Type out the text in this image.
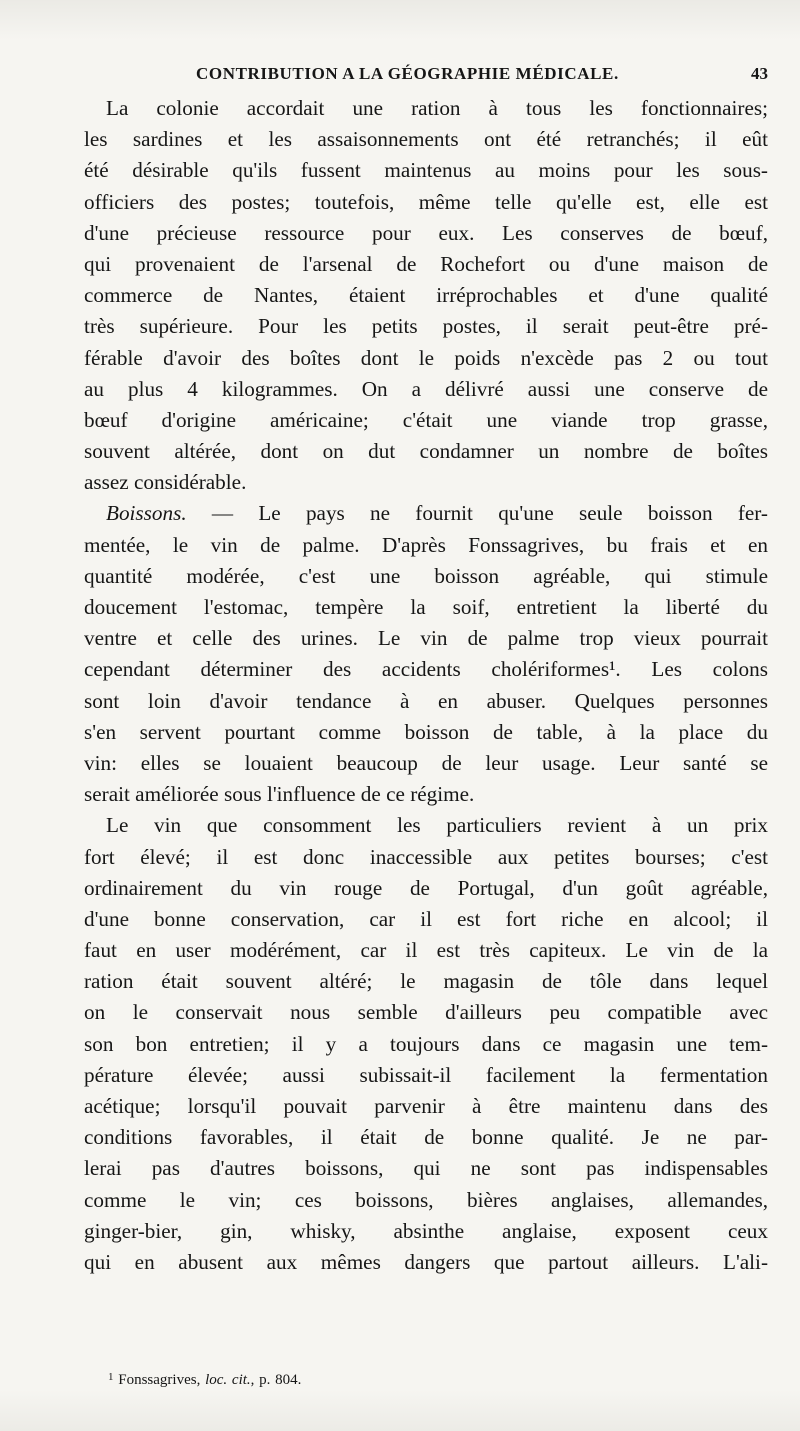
CONTRIBUTION A LA GÉOGRAPHIE MÉDICALE.	43
La colonie accordait une ration à tous les fonctionnaires;
les sardines et les assaisonnements ont été retranchés; il eût
été désirable qu'ils fussent maintenus au moins pour les sous-
officiers des postes; toutefois, même telle qu'elle est, elle est
d'une précieuse ressource pour eux. Les conserves de bœuf,
qui provenaient de l'arsenal de Rochefort ou d'une maison de
commerce de Nantes, étaient irréprochables et d'une qualité
très supérieure. Pour les petits postes, il serait peut-être pré-
férable d'avoir des boîtes dont le poids n'excède pas 2 ou tout
au plus 4 kilogrammes. On a délivré aussi une conserve de
bœuf d'origine américaine; c'était une viande trop grasse,
souvent altérée, dont on dut condamner un nombre de boîtes
assez considérable.
Boissons. — Le pays ne fournit qu'une seule boisson fer-
mentée, le vin de palme. D'après Fonssagrives, bu frais et en
quantité modérée, c'est une boisson agréable, qui stimule
doucement l'estomac, tempère la soif, entretient la liberté du
ventre et celle des urines. Le vin de palme trop vieux pourrait
cependant déterminer des accidents cholériformes¹. Les colons
sont loin d'avoir tendance à en abuser. Quelques personnes
s'en servent pourtant comme boisson de table, à la place du
vin: elles se louaient beaucoup de leur usage. Leur santé se
serait améliorée sous l'influence de ce régime.
Le vin que consomment les particuliers revient à un prix
fort élevé; il est donc inaccessible aux petites bourses; c'est
ordinairement du vin rouge de Portugal, d'un goût agréable,
d'une bonne conservation, car il est fort riche en alcool; il
faut en user modérément, car il est très capiteux. Le vin de la
ration était souvent altéré; le magasin de tôle dans lequel
on le conservait nous semble d'ailleurs peu compatible avec
son bon entretien; il y a toujours dans ce magasin une tem-
pérature élevée; aussi subissait-il facilement la fermentation
acétique; lorsqu'il pouvait parvenir à être maintenu dans des
conditions favorables, il était de bonne qualité. Je ne par-
lerai pas d'autres boissons, qui ne sont pas indispensables
comme le vin; ces boissons, bières anglaises, allemandes,
ginger-bier, gin, whisky, absinthe anglaise, exposent ceux
qui en abusent aux mêmes dangers que partout ailleurs. L'ali-
$^1$ Fonssagrives, loc. cit., p. 804.
